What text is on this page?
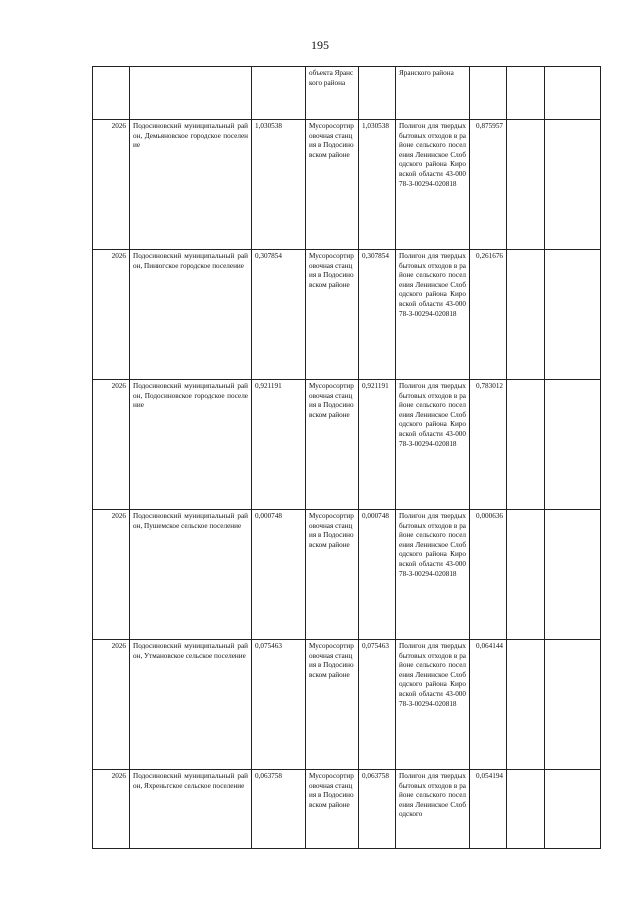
195
			объекта Яранского района		Яранского района			
2026	Подосиновский муниципальный район, Демьяновское городское поселение	1,030538	Мусоросортировочная станция в Подосиновском районе	1,030538	Полигон для твердых бытовых отходов в районе сельского поселения Ленинское Слободского района Кировской области 43-00078-З-00294-020818	0,875957		
2026	Подосиновский муниципальный район, Пинюгское городское поселение	0,307854	Мусоросортировочная станция в Подосиновском районе	0,307854	Полигон для твердых бытовых отходов в районе сельского поселения Ленинское Слободского района Кировской области 43-00078-З-00294-020818	0,261676		
2026	Подосиновский муниципальный район, Подосиновское городское поселение	0,921191	Мусоросортировочная станция в Подосиновском районе	0,921191	Полигон для твердых бытовых отходов в районе сельского поселения Ленинское Слободского района Кировской области 43-00078-З-00294-020818	0,783012		
2026	Подосиновский муниципальный район, Пушемское сельское поселение	0,000748	Мусоросортировочная станция в Подосиновском районе	0,000748	Полигон для твердых бытовых отходов в районе сельского поселения Ленинское Слободского района Кировской области 43-00078-З-00294-020818	0,000636		
2026	Подосиновский муниципальный район, Утмановское сельское поселение	0,075463	Мусоросортировочная станция в Подосиновском районе	0,075463	Полигон для твердых бытовых отходов в районе сельского поселения Ленинское Слободского района Кировской области 43-00078-З-00294-020818	0,064144		
2026	Подосиновский муниципальный район, Яхреньгское сельское поселение	0,063758	Мусоросортировочная станция в Подосиновском районе	0,063758	Полигон для твердых бытовых отходов в районе сельского поселения Ленинское Слободского	0,054194		
